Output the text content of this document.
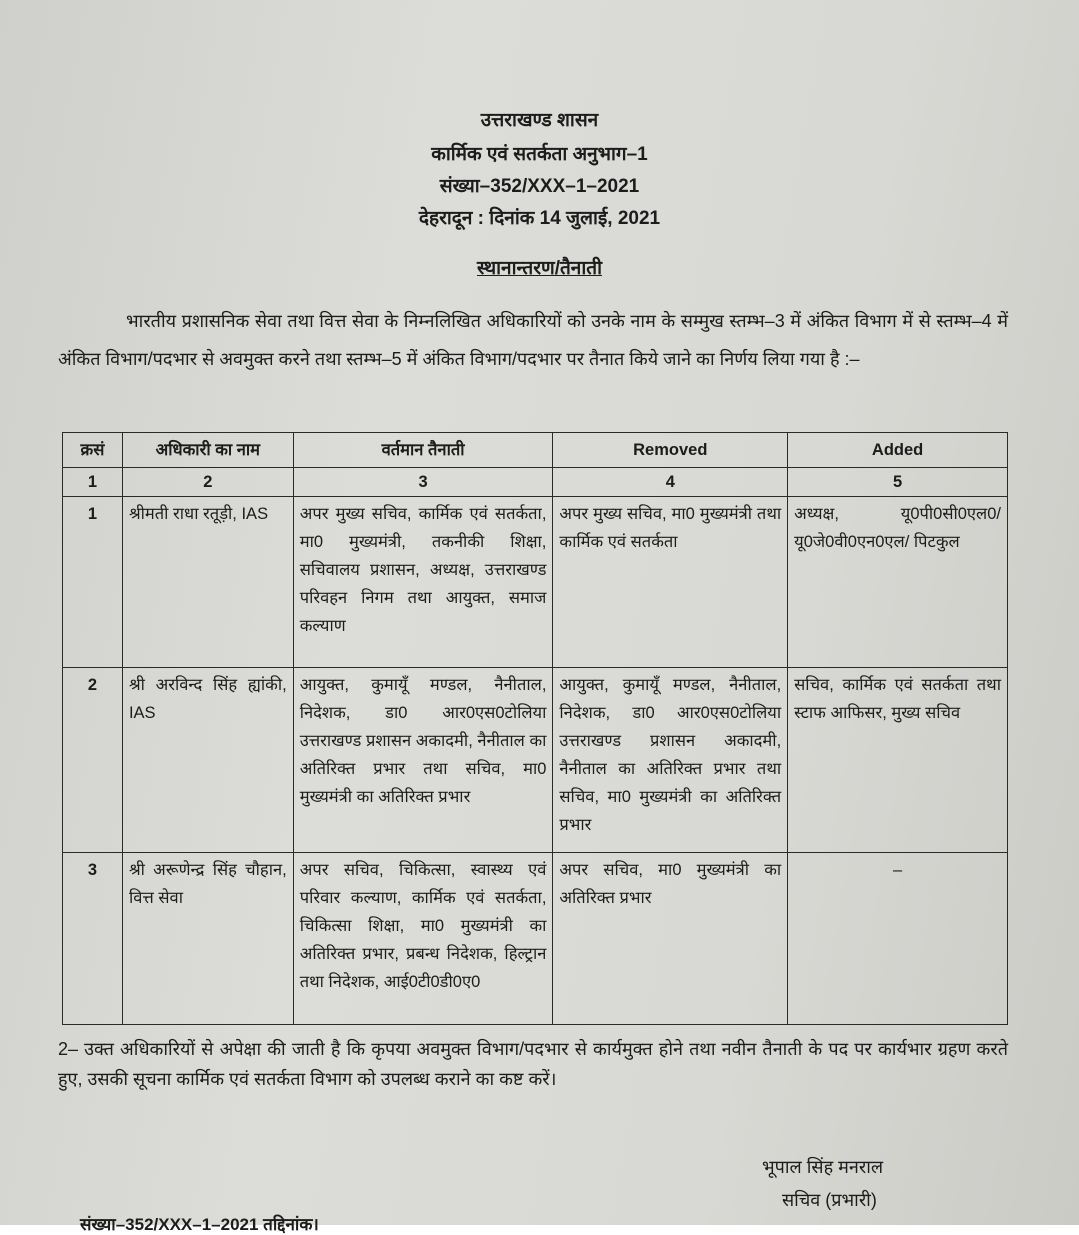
उत्तराखण्ड शासन
कार्मिक एवं सतर्कता अनुभाग–1
संख्या–352/XXX–1–2021
देहरादून : दिनांक 14 जुलाई, 2021
स्थानान्तरण/तैनाती
भारतीय प्रशासनिक सेवा तथा वित्त सेवा के निम्नलिखित अधिकारियों को उनके नाम के सम्मुख स्तम्भ–3 में अंकित विभाग में से स्तम्भ–4 में अंकित विभाग/पदभार से अवमुक्त करने तथा स्तम्भ–5 में अंकित विभाग/पदभार पर तैनात किये जाने का निर्णय लिया गया है :–
क्रसं	अधिकारी का नाम	वर्तमान तैनाती	Removed	Added
1	2	3	4	5
1	श्रीमती राधा रतूड़ी, IAS	अपर मुख्य सचिव, कार्मिक एवं सतर्कता, मा0 मुख्यमंत्री, तकनीकी शिक्षा, सचिवालय प्रशासन, अध्यक्ष, उत्तराखण्ड परिवहन निगम तथा आयुक्त, समाज कल्याण	अपर मुख्य सचिव, मा0 मुख्यमंत्री तथा कार्मिक एवं सतर्कता	अध्यक्ष, यू0पी0सी0एल0/ यू0जे0वी0एन0एल/ पिटकुल
2	श्री अरविन्द सिंह ह्यांकी, IAS	आयुक्त, कुमायूँ मण्डल, नैनीताल, निदेशक, डा0 आर0एस0टोलिया उत्तराखण्ड प्रशासन अकादमी, नैनीताल का अतिरिक्त प्रभार तथा सचिव, मा0 मुख्यमंत्री का अतिरिक्त प्रभार	आयुक्त, कुमायूँ मण्डल, नैनीताल, निदेशक, डा0 आर0एस0टोलिया उत्तराखण्ड प्रशासन अकादमी, नैनीताल का अतिरिक्त प्रभार तथा सचिव, मा0 मुख्यमंत्री का अतिरिक्त प्रभार	सचिव, कार्मिक एवं सतर्कता तथा स्टाफ आफिसर, मुख्य सचिव
3	श्री अरूणेन्द्र सिंह चौहान, वित्त सेवा	अपर सचिव, चिकित्सा, स्वास्थ्य एवं परिवार कल्याण, कार्मिक एवं सतर्कता, चिकित्सा शिक्षा, मा0 मुख्यमंत्री का अतिरिक्त प्रभार, प्रबन्ध निदेशक, हिल्ट्रान तथा निदेशक, आई0टी0डी0ए0	अपर सचिव, मा0 मुख्यमंत्री का अतिरिक्त प्रभार	–
2– उक्त अधिकारियों से अपेक्षा की जाती है कि कृपया अवमुक्त विभाग/पदभार से कार्यमुक्त होने तथा नवीन तैनाती के पद पर कार्यभार ग्रहण करते हुए, उसकी सूचना कार्मिक एवं सतर्कता विभाग को उपलब्ध कराने का कष्ट करें।
भूपाल सिंह मनराल
सचिव (प्रभारी)
संख्या–352/XXX–1–2021 तद्दिनांक।
